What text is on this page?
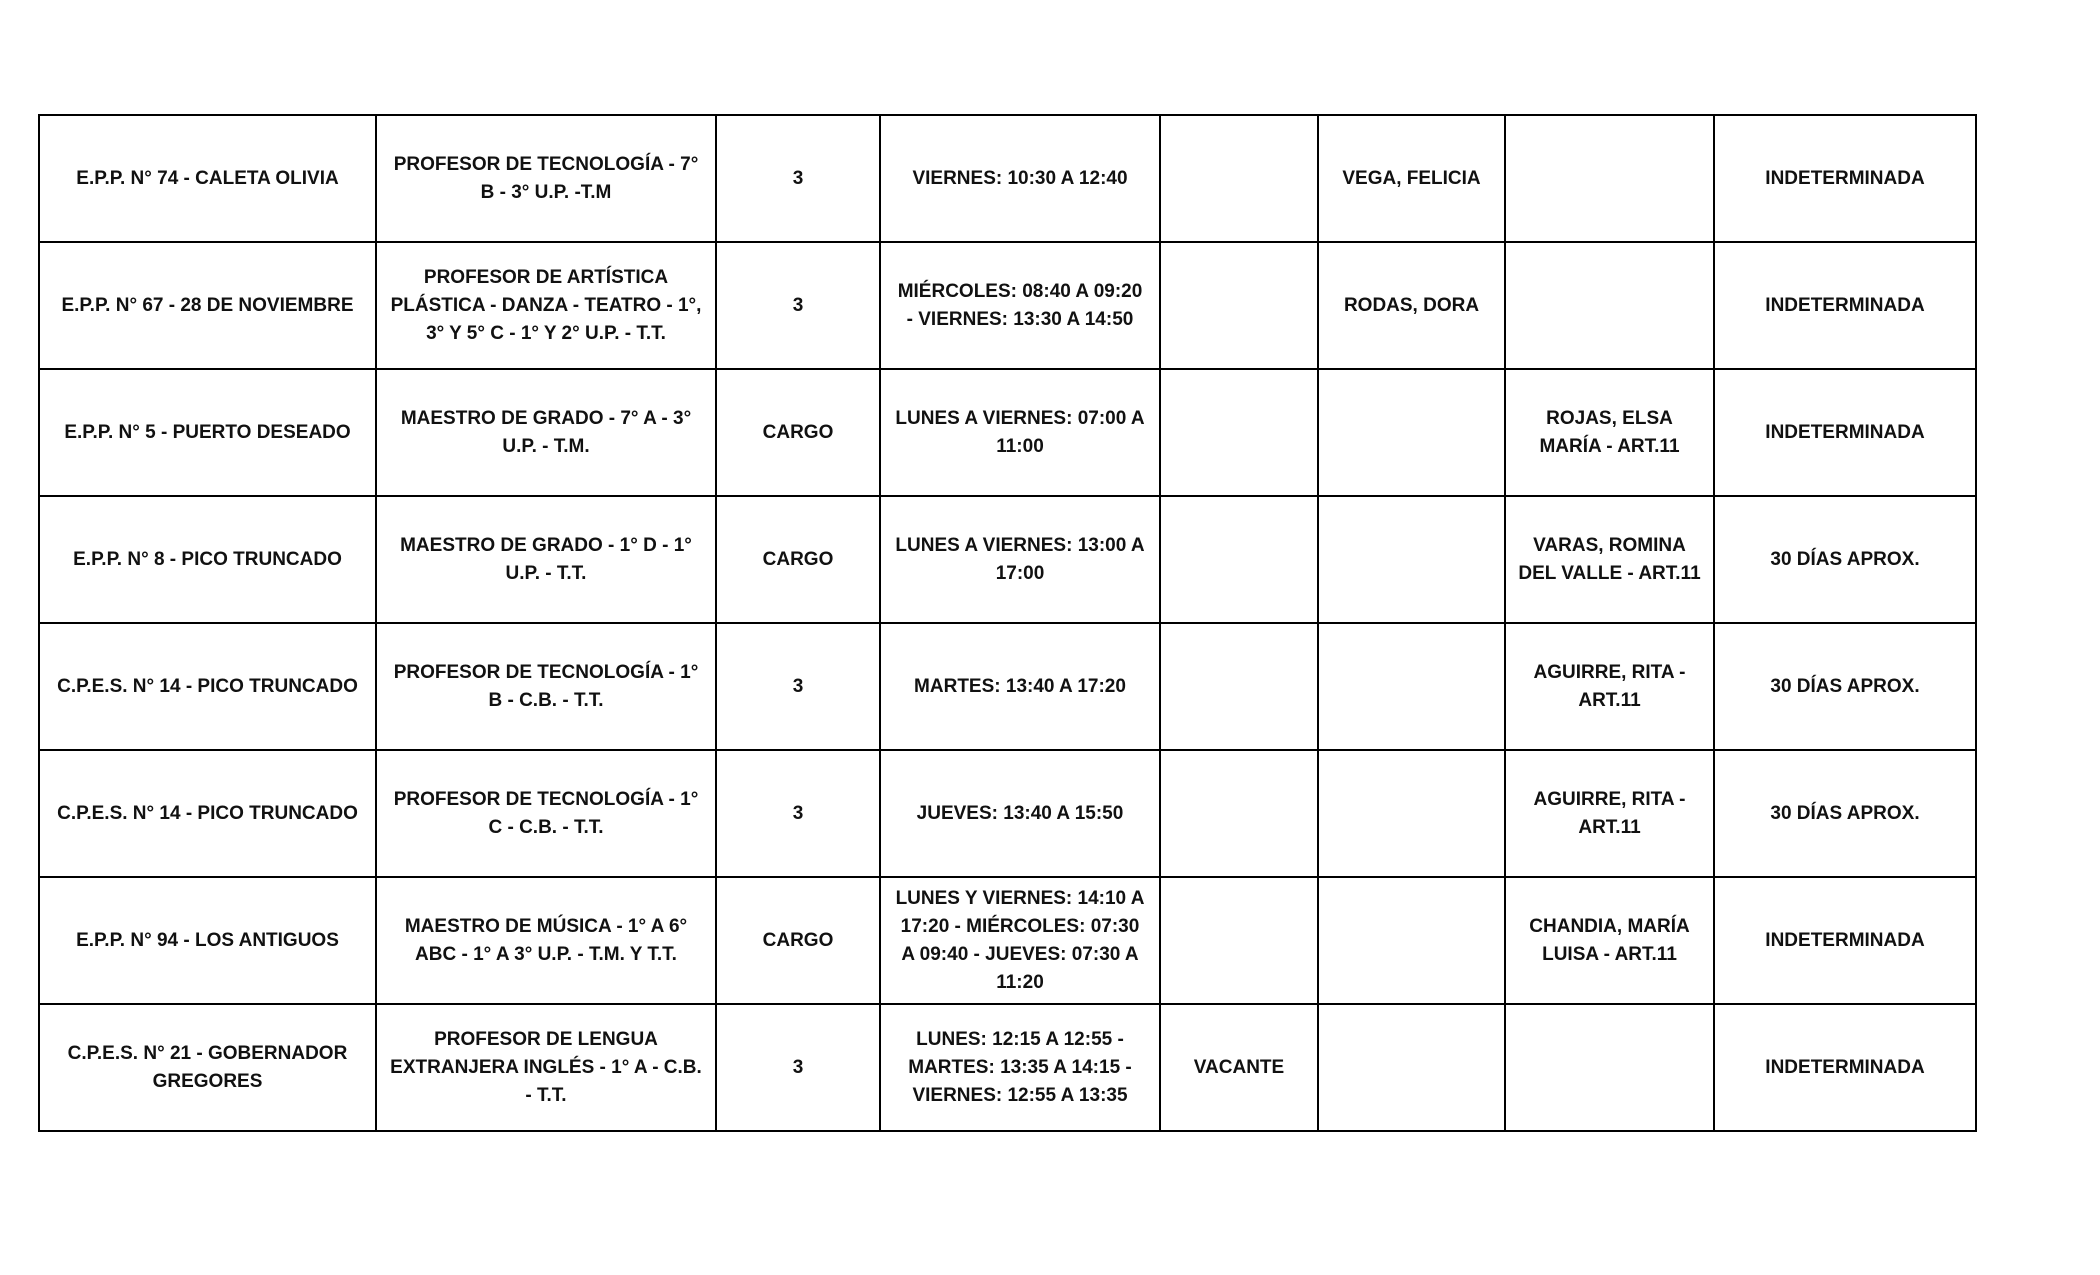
E.P.P. N° 74 - CALETA OLIVIA	PROFESOR DE TECNOLOGÍA - 7° B - 3° U.P. -T.M	3	VIERNES: 10:30 A 12:40		VEGA, FELICIA		INDETERMINADA
E.P.P. N° 67 - 28 DE NOVIEMBRE	PROFESOR DE ARTÍSTICA PLÁSTICA - DANZA - TEATRO - 1°, 3° Y 5° C - 1° Y 2° U.P. - T.T.	3	MIÉRCOLES: 08:40 A 09:20 - VIERNES: 13:30 A 14:50		RODAS, DORA		INDETERMINADA
E.P.P. N° 5 - PUERTO DESEADO	MAESTRO DE GRADO - 7° A - 3° U.P. - T.M.	CARGO	LUNES A VIERNES: 07:00 A 11:00			ROJAS, ELSA MARÍA - ART.11	INDETERMINADA
E.P.P. N° 8 - PICO TRUNCADO	MAESTRO DE GRADO - 1° D - 1° U.P. - T.T.	CARGO	LUNES A VIERNES: 13:00 A 17:00			VARAS, ROMINA DEL VALLE - ART.11	30 DÍAS APROX.
C.P.E.S. N° 14 - PICO TRUNCADO	PROFESOR DE TECNOLOGÍA - 1° B - C.B. - T.T.	3	MARTES: 13:40 A 17:20			AGUIRRE, RITA - ART.11	30 DÍAS APROX.
C.P.E.S. N° 14 - PICO TRUNCADO	PROFESOR DE TECNOLOGÍA - 1° C - C.B. - T.T.	3	JUEVES: 13:40 A 15:50			AGUIRRE, RITA - ART.11	30 DÍAS APROX.
E.P.P. N° 94 - LOS ANTIGUOS	MAESTRO DE MÚSICA - 1° A 6° ABC - 1° A 3° U.P. - T.M. Y T.T.	CARGO	LUNES Y VIERNES: 14:10 A 17:20 - MIÉRCOLES: 07:30 A 09:40 - JUEVES: 07:30 A 11:20			CHANDIA, MARÍA LUISA - ART.11	INDETERMINADA
C.P.E.S. N° 21 - GOBERNADOR GREGORES	PROFESOR DE LENGUA EXTRANJERA INGLÉS - 1° A - C.B. - T.T.	3	LUNES: 12:15 A 12:55 - MARTES: 13:35 A 14:15 - VIERNES: 12:55 A 13:35	VACANTE			INDETERMINADA
